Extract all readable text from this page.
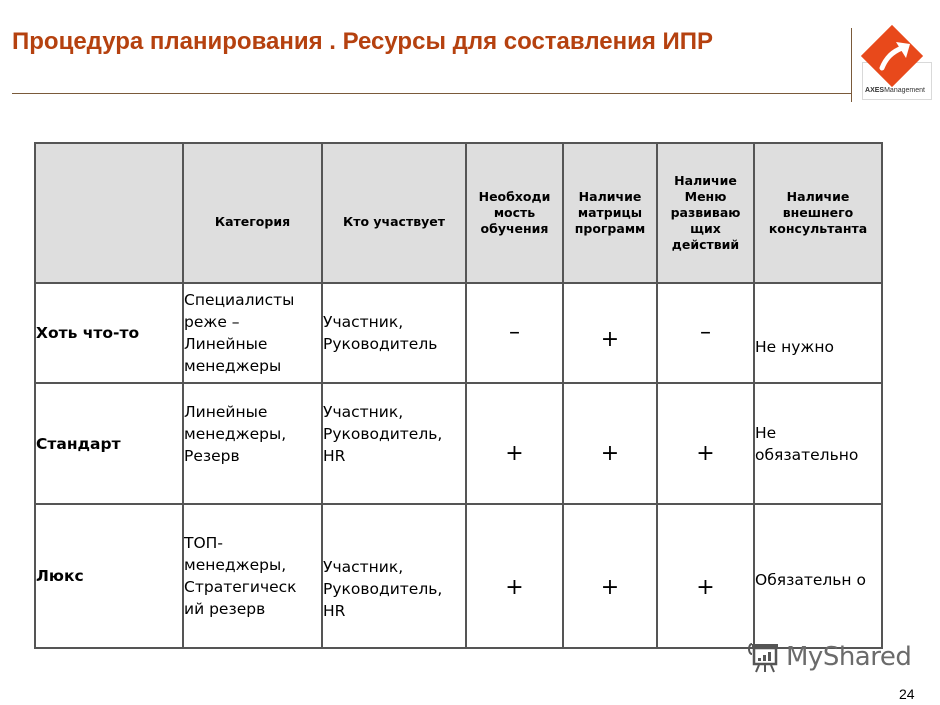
Процедура планирования . Ресурсы для составления ИПР
AXESManagement
	Категория	Кто участвует	Необходи мость обучения	Наличие матрицы программ	Наличие Меню развиваю щих действий	Наличие внешнего консультанта
Хоть что-то	Специалисты реже – Линейные менеджеры	Участник, Руководитель	–	+	–	Не нужно
Стандарт	Линейные менеджеры, Резерв	Участник, Руководитель, HR	+	+	+	Не обязательно
Люкс	ТОП-менеджеры, Стратегическ ий резерв	Участник, Руководитель, HR	+	+	+	Обязательн о
MyShared
24
